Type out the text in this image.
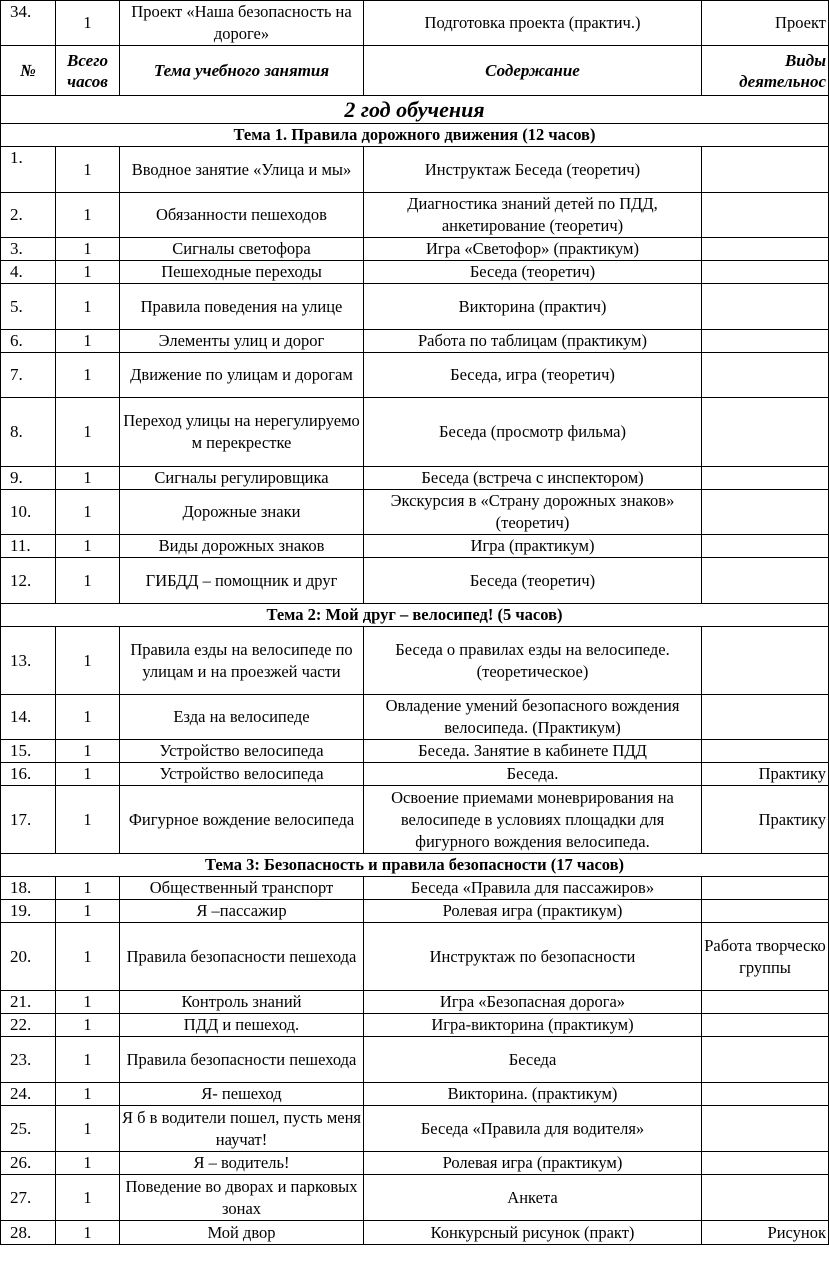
34.	1	Проект «Наша безопасность на дороге»	Подготовка проекта (практич.)	Проект
№	Всего часов	Тема учебного занятия	Содержание	Виды деятельнос
2 год обучения				
Тема 1. Правила дорожного движения (12 часов)				
1.	1	Вводное занятие «Улица и мы»	Инструктаж Беседа (теоретич)	
2.	1	Обязанности пешеходов	Диагностика знаний детей по ПДД, анкетирование (теоретич)	
3.	1	Сигналы светофора	Игра «Светофор» (практикум)	
4.	1	Пешеходные переходы	Беседа (теоретич)	
5.	1	Правила поведения на улице	Викторина (практич)	
6.	1	Элементы улиц и дорог	Работа по таблицам (практикум)	
7.	1	Движение по улицам и дорогам	Беседа, игра (теоретич)	
8.	1	Переход улицы на нерегулируемо м перекрестке	Беседа (просмотр фильма)	
9.	1	Сигналы регулировщика	Беседа (встреча с инспектором)	
10.	1	Дорожные знаки	Экскурсия в «Страну дорожных знаков» (теоретич)	
11.	1	Виды дорожных знаков	Игра (практикум)	
12.	1	ГИБДД – помощник и друг	Беседа (теоретич)	
Тема 2: Мой друг – велосипед! (5 часов)				
13.	1	Правила езды на велосипеде по улицам и на проезжей части	Беседа о правилах езды на велосипеде. (теоретическое)	
14.	1	Езда на велосипеде	Овладение умений безопасного вождения велосипеда. (Практикум)	
15.	1	Устройство велосипеда	Беседа. Занятие в кабинете ПДД	
16.	1	Устройство велосипеда	Беседа.	Практику
17.	1	Фигурное вождение велосипеда	Освоение приемами моневрирования на велосипеде в условиях площадки для фигурного вождения велосипеда.	Практику
Тема 3: Безопасность и правила безопасности (17 часов)				
18.	1	Общественный транспорт	Беседа «Правила для пассажиров»	
19.	1	Я –пассажир	Ролевая игра (практикум)	
20.	1	Правила безопасности пешехода	Инструктаж по безопасности	Работа творческо группы
21.	1	Контроль знаний	Игра «Безопасная дорога»	
22.	1	ПДД и пешеход.	Игра-викторина (практикум)	
23.	1	Правила безопасности пешехода	Беседа	
24.	1	Я- пешеход	Викторина. (практикум)	
25.	1	Я б в водители пошел, пусть меня научат!	Беседа «Правила для водителя»	
26.	1	Я – водитель!	Ролевая игра (практикум)	
27.	1	Поведение во дворах и парковых зонах	Анкета	
28.	1	Мой двор	Конкурсный рисунок (практ)	Рисунок
